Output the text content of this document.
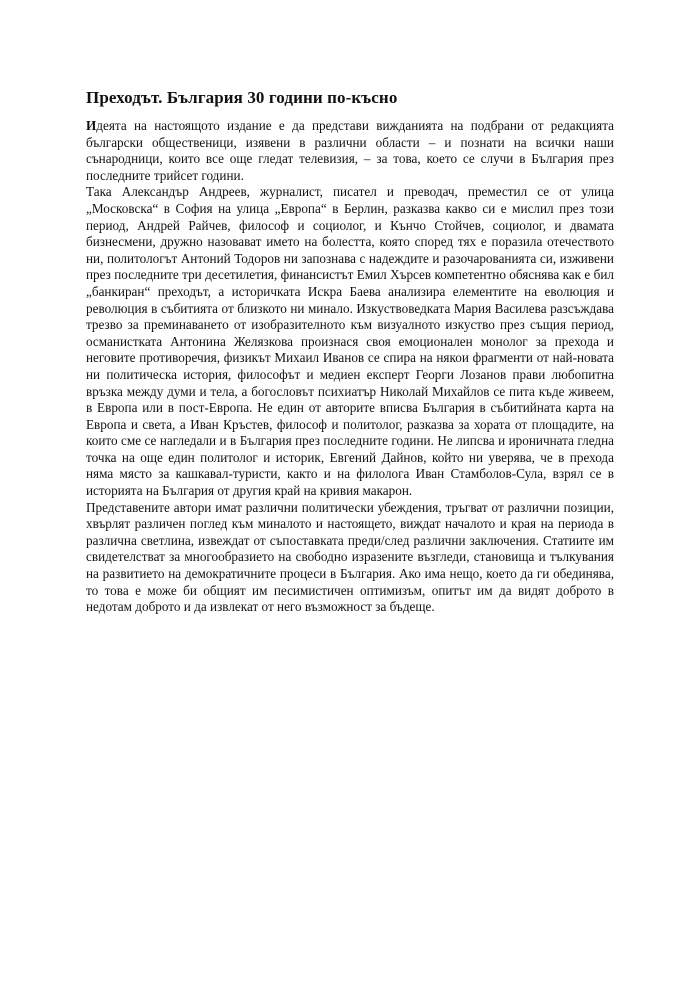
Преходът. България 30 години по-късно

Идеята на настоящото издание е да представи вижданията на подбрани от редакцията български общественици, изявени в различни области – и познати на всички наши сънародници, които все още гледат телевизия, – за това, което се случи в България през последните трийсет години.

Така Александър Андреев, журналист, писател и преводач, преместил се от улица „Московска“ в София на улица „Европа“ в Берлин, разказва какво си е мислил през този период, Андрей Райчев, философ и социолог, и Кънчо Стойчев, социолог, и двамата бизнесмени, дружно назовават името на болестта, която според тях е поразила отечеството ни, политологът Антоний Тодоров ни запознава с надеждите и разочарованията си, изживени през последните три десетилетия, финансистът Емил Хърсев компетентно обяснява как е бил „банкиран“ преходът, а историчката Искра Баева анализира елементите на еволюция и революция в събитията от близкото ни минало. Изкуствоведката Мария Василева разсъждава трезво за преминаването от изобразителното към визуалното изкуство през същия период, османистката Антонина Желязкова произнася своя емоционален монолог за прехода и неговите противоречия, физикът Михаил Иванов се спира на някои фрагменти от най-новата ни политическа история, философът и медиен експерт Георги Лозанов прави любопитна връзка между думи и тела, а богословът психиатър Николай Михайлов се пита къде живеем, в Европа или в пост-Европа. Не един от авторите вписва България в събитийната карта на Европа и света, а Иван Кръстев, философ и политолог, разказва за хората от площадите, на които сме се нагледали и в България през последните години. Не липсва и ироничната гледна точка на още един политолог и историк, Евгений Дайнов, който ни уверява, че в прехода няма място за кашкавал-туристи, както и на филолога Иван Стамболов-Сула, взрял се в историята на България от другия край на кривия макарон.

Представените автори имат различни политически убеждения, тръгват от различни позиции, хвърлят различен поглед към миналото и настоящето, виждат началото и края на периода в различна светлина, извеждат от съпоставката преди/след различни заключения. Статиите им свидетелстват за многообразието на свободно изразените възгледи, становища и тълкувания на развитието на демократичните процеси в България. Ако има нещо, което да ги обединява, то това е може би общият им песимистичен оптимизъм, опитът им да видят доброто в недотам доброто и да извлекат от него възможност за бъдеще.
